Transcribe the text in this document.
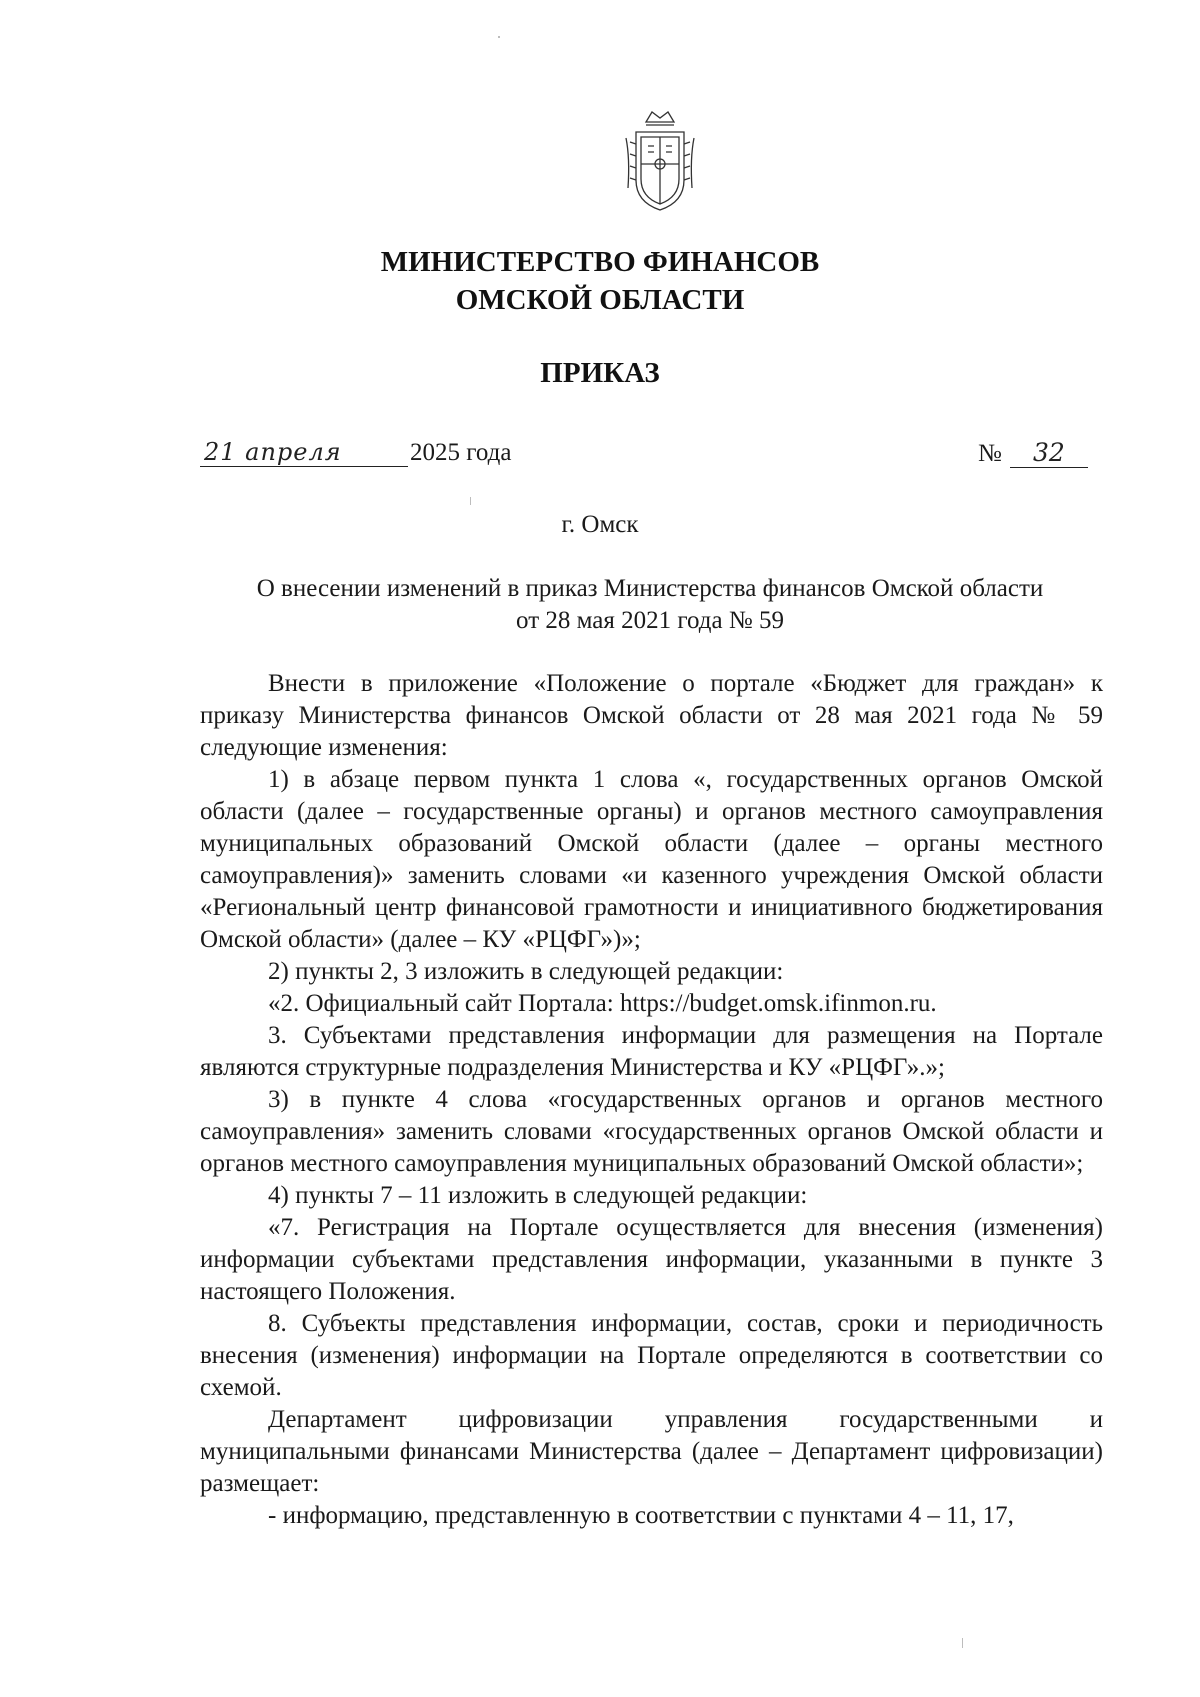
МИНИСТЕРСТВО ФИНАНСОВ
ОМСКОЙ ОБЛАСТИ
ПРИКАЗ
21 апреля	2025 года	№ 32
г. Омск
О внесении изменений в приказ Министерства финансов Омской области
от 28 мая 2021 года № 59

Внести в приложение «Положение о портале «Бюджет для граждан» к приказу Министерства финансов Омской области от 28 мая 2021 года № 59 следующие изменения:

1) в абзаце первом пункта 1 слова «, государственных органов Омской области (далее – государственные органы) и органов местного самоуправления муниципальных образований Омской области (далее – органы местного самоуправления)» заменить словами «и казенного учреждения Омской области «Региональный центр финансовой грамотности и инициативного бюджетирования Омской области» (далее – КУ «РЦФГ»)»;

2) пункты 2, 3 изложить в следующей редакции:

«2. Официальный сайт Портала: https://budget.omsk.ifinmon.ru.

3. Субъектами представления информации для размещения на Портале являются структурные подразделения Министерства и КУ «РЦФГ».»;

3) в пункте 4 слова «государственных органов и органов местного самоуправления» заменить словами «государственных органов Омской области и органов местного самоуправления муниципальных образований Омской области»;

4) пункты 7 – 11 изложить в следующей редакции:

«7. Регистрация на Портале осуществляется для внесения (изменения) информации субъектами представления информации, указанными в пункте 3 настоящего Положения.

8. Субъекты представления информации, состав, сроки и периодичность внесения (изменения) информации на Портале определяются в соответствии со схемой.

Департамент цифровизации управления государственными и муниципальными финансами Министерства (далее – Департамент цифровизации) размещает:

- информацию, представленную в соответствии с пунктами 4 – 11, 17,
